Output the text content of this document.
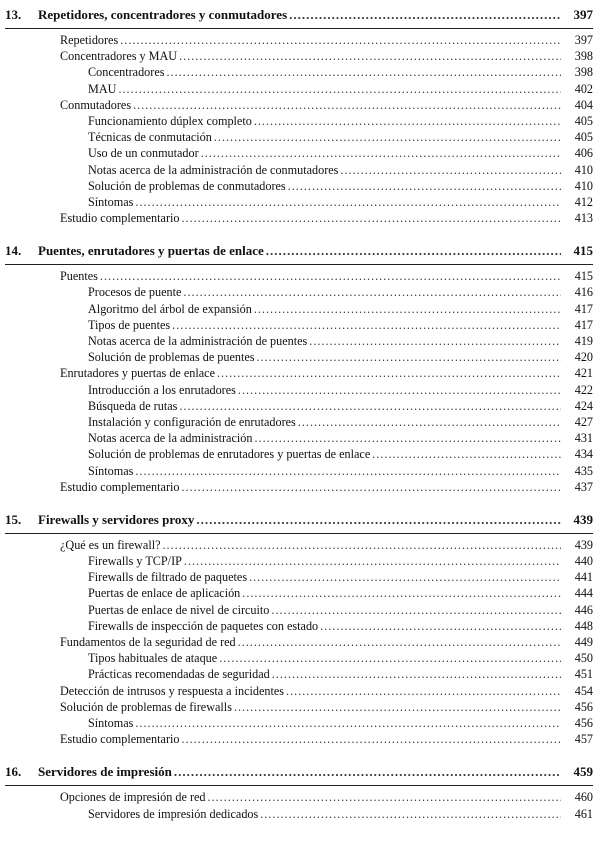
13.	Repetidores, concentradores y conmutadores .....	397
Repetidores .....	397
Concentradores y MAU .....	398
Concentradores .....	398
MAU .....	402
Conmutadores .....	404
Funcionamiento dúplex completo .....	405
Técnicas de conmutación .....	405
Uso de un conmutador .....	406
Notas acerca de la administración de conmutadores .....	410
Solución de problemas de conmutadores .....	410
Síntomas .....	412
Estudio complementario .....	413
14.	Puentes, enrutadores y puertas de enlace .....	415
Puentes .....	415
Procesos de puente .....	416
Algoritmo del árbol de expansión .....	417
Tipos de puentes .....	417
Notas acerca de la administración de puentes .....	419
Solución de problemas de puentes .....	420
Enrutadores y puertas de enlace .....	421
Introducción a los enrutadores .....	422
Búsqueda de rutas .....	424
Instalación y configuración de enrutadores .....	427
Notas acerca de la administración .....	431
Solución de problemas de enrutadores y puertas de enlace .....	434
Síntomas .....	435
Estudio complementario .....	437
15.	Firewalls y servidores proxy .....	439
¿Qué es un firewall? .....	439
Firewalls y TCP/IP .....	440
Firewalls de filtrado de paquetes .....	441
Puertas de enlace de aplicación .....	444
Puertas de enlace de nivel de circuito .....	446
Firewalls de inspección de paquetes con estado .....	448
Fundamentos de la seguridad de red .....	449
Tipos habituales de ataque .....	450
Prácticas recomendadas de seguridad .....	451
Detección de intrusos y respuesta a incidentes .....	454
Solución de problemas de firewalls .....	456
Síntomas .....	456
Estudio complementario .....	457
16.	Servidores de impresión .....	459
Opciones de impresión de red .....	460
Servidores de impresión dedicados .....	461
